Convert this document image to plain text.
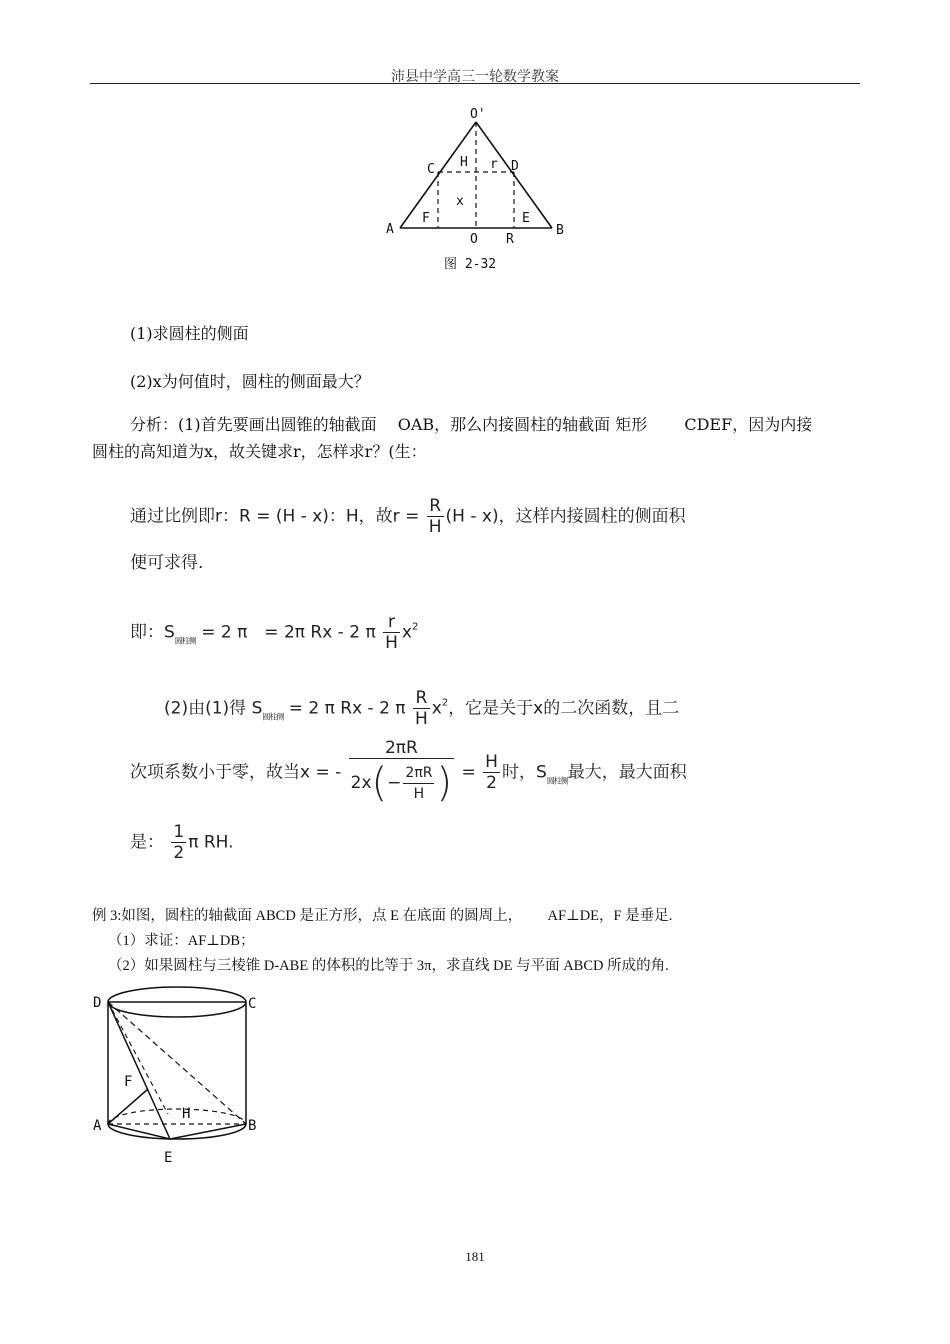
沛县中学高三一轮数学教案
O'
C H r D
x
F	E
A
O R
B
图 2-32
(1)求圆柱的侧面
(2)x为何值时，圆柱的侧面最大？
分析：(1)首先要画出圆锥的轴截面　 OAB，那么内接圆柱的轴截面 矩形　　 CDEF，因为内接
圆柱的高知道为x，故关键求r，怎样求r？(生：
通过比例即r：R = (H - x)：H，故$r = \frac{R}{H} (H - x)$，这样内接圆柱的侧面积
便可求得.
即：$S_{圆柱侧} = 2$ π　= 2π Rx - 2 π $\frac{r}{H} x^2$
(2)由(1)得 $S_{圆柱侧} = 2$ π Rx - 2 π $\frac{R}{H} x^2$，它是关于x的二次函数，且二
次项系数小于零，故当x = - $\frac{2\pi R}{2x(- \frac{2\pi R}{H} )} = \frac{H}{2}$ 时，$S_{圆柱侧}$最大，最大面积
是： $\frac{1}{2}$ π RH.
例 3:如图，圆柱的轴截面 ABCD 是正方形，点 E 在底面 的圆周上，　　 AF⊥DE，F 是垂足.
（1）求证：AF⊥DB；
（2）如果圆柱与三棱锥 D-ABE 的体积的比等于 3π，求直线 DE 与平面 ABCD 所成的角.
D	C
F
H
A	B
E
181
